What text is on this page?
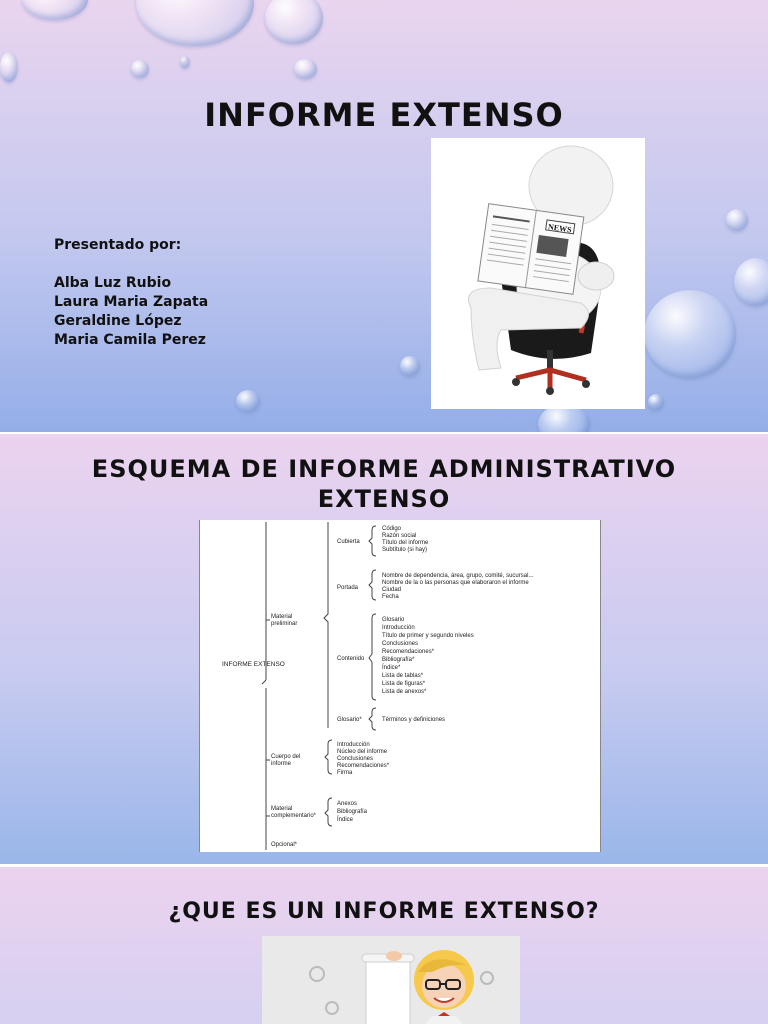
INFORME EXTENSO
Presentado por:
Alba Luz Rubio
Laura Maria Zapata
Geraldine López
Maria Camila Perez
NEWS
ESQUEMA DE INFORME ADMINISTRATIVO
EXTENSO
INFORME EXTENSO
Material preliminar
Cuerpo del informe
Material complementario*
Opcional*
Cubierta
Código
Razón social
Título del informe
Subtítulo (si hay)
Portada
Nombre de dependencia, área, grupo, comité, sucursal...
Nombre de la o las personas que elaboraron el informe
Ciudad
Fecha
Contenido
Glosario
Introducción
Título de primer y segundo niveles
Conclusiones
Recomendaciones*
Bibliografía*
Índice*
Lista de tablas*
Lista de figuras*
Lista de anexos*
Glosario*	Términos y definiciones
Introducción
Núcleo del informe
Conclusiones
Recomendaciones*
Firma
Anexos
Bibliografía
Índice
¿QUE ES UN INFORME EXTENSO?
